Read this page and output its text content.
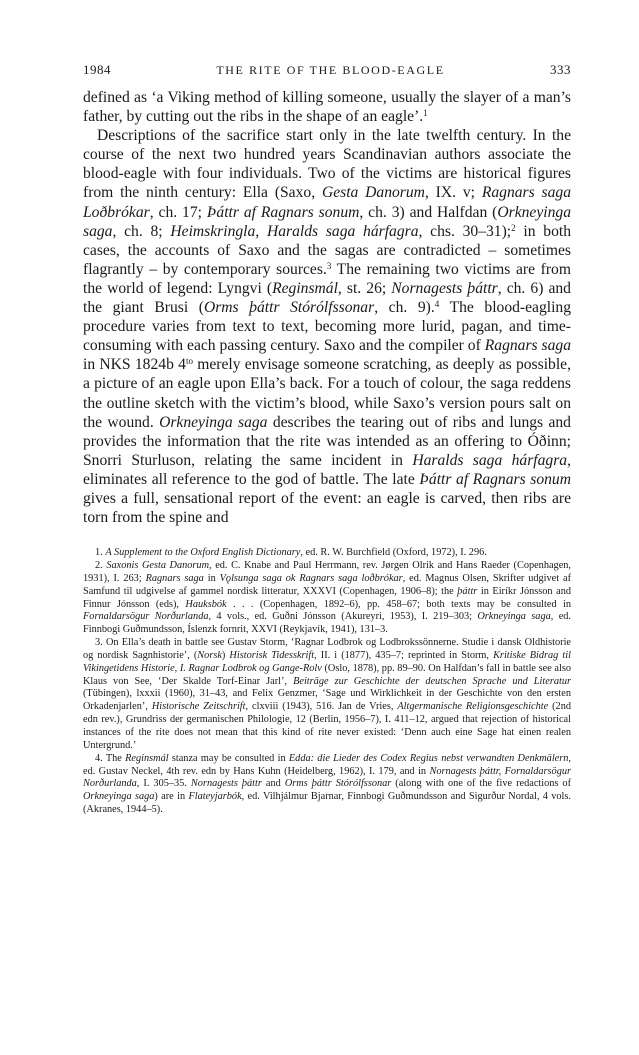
1984	THE RITE OF THE BLOOD-EAGLE	333

defined as ‘a Viking method of killing someone, usually the slayer of a man’s father, by cutting out the ribs in the shape of an eagle’.$^1$

Descriptions of the sacrifice start only in the late twelfth century. In the course of the next two hundred years Scandinavian authors associate the blood-eagle with four individuals. Two of the victims are historical figures from the ninth century: Ella (Saxo, Gesta Danorum, IX. v; Ragnars saga Loðbrókar, ch. 17; Þáttr af Ragnars sonum, ch. 3) and Halfdan (Orkneyinga saga, ch. 8; Heimskringla, Haralds saga hárfagra, chs. 30–31);$^2$ in both cases, the accounts of Saxo and the sagas are contradicted – sometimes flagrantly – by contemporary sources.$^3$ The remaining two victims are from the world of legend: Lyngvi (Reginsmál, st. 26; Nornagests þáttr, ch. 6) and the giant Brusi (Orms þáttr Stórólfssonar, ch. 9).$^4$ The blood-eagling procedure varies from text to text, becoming more lurid, pagan, and time-consuming with each passing century. Saxo and the compiler of Ragnars saga in NKS 1824b $4^{to}$ merely envisage someone scratching, as deeply as possible, a picture of an eagle upon Ella’s back. For a touch of colour, the saga reddens the outline sketch with the victim’s blood, while Saxo’s version pours salt on the wound. Orkneyinga saga describes the tearing out of ribs and lungs and provides the information that the rite was intended as an offering to Óðinn; Snorri Sturluson, relating the same incident in Haralds saga hárfagra, eliminates all reference to the god of battle. The late Þáttr af Ragnars sonum gives a full, sensational report of the event: an eagle is carved, then ribs are torn from the spine and

1. A Supplement to the Oxford English Dictionary, ed. R. W. Burchfield (Oxford, 1972), I. 296.

2. Saxonis Gesta Danorum, ed. C. Knabe and Paul Herrmann, rev. Jørgen Olrik and Hans Raeder (Copenhagen, 1931), I. 263; Ragnars saga in Vǫlsunga saga ok Ragnars saga loðbrókar, ed. Magnus Olsen, Skrifter udgivet af Samfund til udgivelse af gammel nordisk litteratur, XXXVI (Copenhagen, 1906–8); the þáttr in Eiríkr Jónsson and Finnur Jónsson (eds), Hauksbók . . . (Copenhagen, 1892–6), pp. 458–67; both texts may be consulted in Fornaldarsögur Norðurlanda, 4 vols., ed. Guðni Jónsson (Akureyri, 1953), I. 219–303; Orkneyinga saga, ed. Finnbogi Guðmundsson, Íslenzk fornrit, XXVI (Reykjavík, 1941), 131–3.

3. On Ella’s death in battle see Gustav Storm, ‘Ragnar Lodbrok og Lodbrokssönnerne. Studie i dansk Oldhistorie og nordisk Sagnhistorie’, (Norsk) Historisk Tidesskrift, II. i (1877), 435–7; reprinted in Storm, Kritiske Bidrag til Vikingetidens Historie, I. Ragnar Lodbrok og Gange-Rolv (Oslo, 1878), pp. 89–90. On Halfdan’s fall in battle see also Klaus von See, ‘Der Skalde Torf-Einar Jarl’, Beiträge zur Geschichte der deutschen Sprache und Literatur (Tübingen), lxxxii (1960), 31–43, and Felix Genzmer, ‘Sage und Wirklichkeit in der Geschichte von den ersten Orkadenjarlen’, Historische Zeitschrift, clxviii (1943), 516. Jan de Vries, Altgermanische Religionsgeschichte (2nd edn rev.), Grundriss der germanischen Philologie, 12 (Berlin, 1956–7), I. 411–12, argued that rejection of historical instances of the rite does not mean that this kind of rite never existed: ‘Denn auch eine Sage hat einen realen Untergrund.’

4. The Reginsmál stanza may be consulted in Edda: die Lieder des Codex Regius nebst verwandten Denkmälern, ed. Gustav Neckel, 4th rev. edn by Hans Kuhn (Heidelberg, 1962), I. 179, and in Nornagests þáttr, Fornaldarsögur Norðurlanda, I. 305–35. Nornagests þáttr and Orms þáttr Stórólfssonar (along with one of the five redactions of Orkneyinga saga) are in Flateyjarbók, ed. Vilhjálmur Bjarnar, Finnbogi Guðmundsson and Sigurður Nordal, 4 vols. (Akranes, 1944–5).
